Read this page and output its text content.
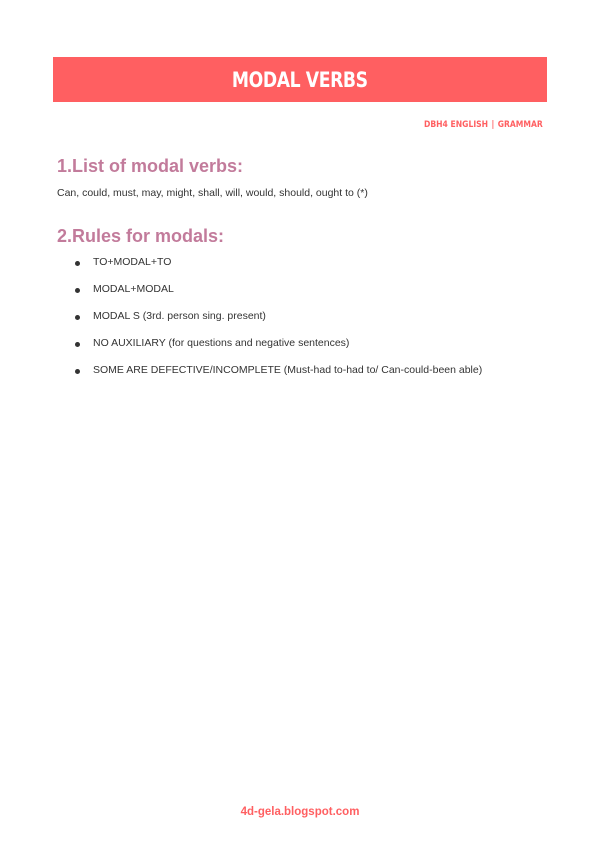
MODAL VERBS
DBH4 ENGLISH | GRAMMAR
1.List of modal verbs:
Can, could, must, may, might, shall, will, would, should, ought to (*)
2.Rules for modals:
TO+MODAL+TO
MODAL+MODAL
MODAL S (3rd. person sing. present)
NO AUXILIARY (for questions and negative sentences)
SOME ARE DEFECTIVE/INCOMPLETE (Must-had to-had to/ Can-could-been able)
4d-gela.blogspot.com
